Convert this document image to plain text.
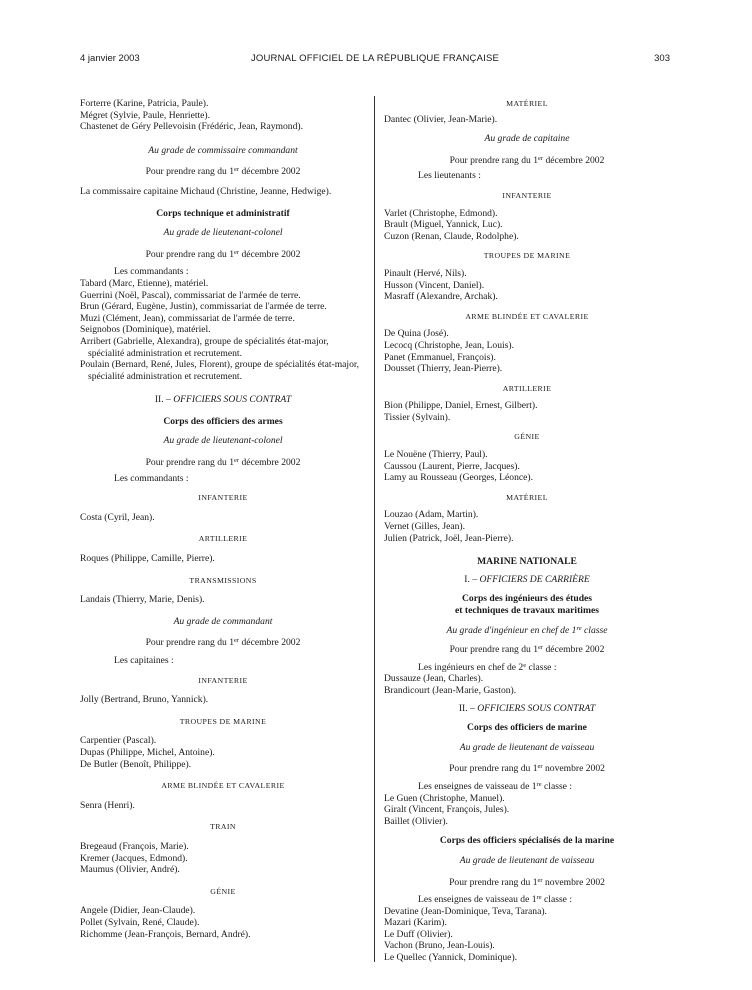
4 janvier 2003	JOURNAL OFFICIEL DE LA RÉPUBLIQUE FRANÇAISE	303
Forterre (Karine, Patricia, Paule).
Mégret (Sylvie, Paule, Henriette).
Chastenet de Géry Pellevoisin (Frédéric, Jean, Raymond).
Au grade de commissaire commandant
Pour prendre rang du 1er décembre 2002
La commissaire capitaine Michaud (Christine, Jeanne, Hedwige).
Corps technique et administratif
Au grade de lieutenant-colonel
Pour prendre rang du 1er décembre 2002
Les commandants :
Tabard (Marc, Etienne), matériel.
Guerrini (Noël, Pascal), commissariat de l'armée de terre.
Brun (Gérard, Eugène, Justin), commissariat de l'armée de terre.
Muzi (Clément, Jean), commissariat de l'armée de terre.
Seignobos (Dominique), matériel.
Arribert (Gabrielle, Alexandra), groupe de spécialités état-major, spécialité administration et recrutement.
Poulain (Bernard, René, Jules, Florent), groupe de spécialités état-major, spécialité administration et recrutement.
II. – OFFICIERS SOUS CONTRAT
Corps des officiers des armes
Au grade de lieutenant-colonel
Pour prendre rang du 1er décembre 2002
Les commandants :
INFANTERIE
Costa (Cyril, Jean).
ARTILLERIE
Roques (Philippe, Camille, Pierre).
TRANSMISSIONS
Landais (Thierry, Marie, Denis).
Au grade de commandant
Pour prendre rang du 1er décembre 2002
Les capitaines :
INFANTERIE
Jolly (Bertrand, Bruno, Yannick).
TROUPES DE MARINE
Carpentier (Pascal).
Dupas (Philippe, Michel, Antoine).
De Butler (Benoît, Philippe).
ARME BLINDÉE ET CAVALERIE
Senra (Henri).
TRAIN
Bregeaud (François, Marie).
Kremer (Jacques, Edmond).
Maumus (Olivier, André).
GÉNIE
Angele (Didier, Jean-Claude).
Pollet (Sylvain, René, Claude).
Richomme (Jean-François, Bernard, André).
MATÉRIEL
Dantec (Olivier, Jean-Marie).
Au grade de capitaine
Pour prendre rang du 1er décembre 2002
Les lieutenants :
INFANTERIE
Varlet (Christophe, Edmond).
Brault (Miguel, Yannick, Luc).
Cuzon (Renan, Claude, Rodolphe).
TROUPES DE MARINE
Pinault (Hervé, Nils).
Husson (Vincent, Daniel).
Masraff (Alexandre, Archak).
ARME BLINDÉE ET CAVALERIE
De Quina (José).
Lecocq (Christophe, Jean, Louis).
Panet (Emmanuel, François).
Dousset (Thierry, Jean-Pierre).
ARTILLERIE
Bion (Philippe, Daniel, Ernest, Gilbert).
Tissier (Sylvain).
GÉNIE
Le Nouëne (Thierry, Paul).
Caussou (Laurent, Pierre, Jacques).
Lamy au Rousseau (Georges, Léonce).
MATÉRIEL
Louzao (Adam, Martin).
Vernet (Gilles, Jean).
Julien (Patrick, Joël, Jean-Pierre).
MARINE NATIONALE
I. – OFFICIERS DE CARRIÈRE
Corps des ingénieurs des études
et techniques de travaux maritimes
Au grade d'ingénieur en chef de 1re classe
Pour prendre rang du 1er décembre 2002
Les ingénieurs en chef de 2e classe :
Dussauze (Jean, Charles).
Brandicourt (Jean-Marie, Gaston).
II. – OFFICIERS SOUS CONTRAT
Corps des officiers de marine
Au grade de lieutenant de vaisseau
Pour prendre rang du 1er novembre 2002
Les enseignes de vaisseau de 1re classe :
Le Guen (Christophe, Manuel).
Giralt (Vincent, François, Jules).
Baillet (Olivier).
Corps des officiers spécialisés de la marine
Au grade de lieutenant de vaisseau
Pour prendre rang du 1er novembre 2002
Les enseignes de vaisseau de 1re classe :
Devatine (Jean-Dominique, Teva, Tarana).
Mazari (Karim).
Le Duff (Olivier).
Vachon (Bruno, Jean-Louis).
Le Quellec (Yannick, Dominique).
